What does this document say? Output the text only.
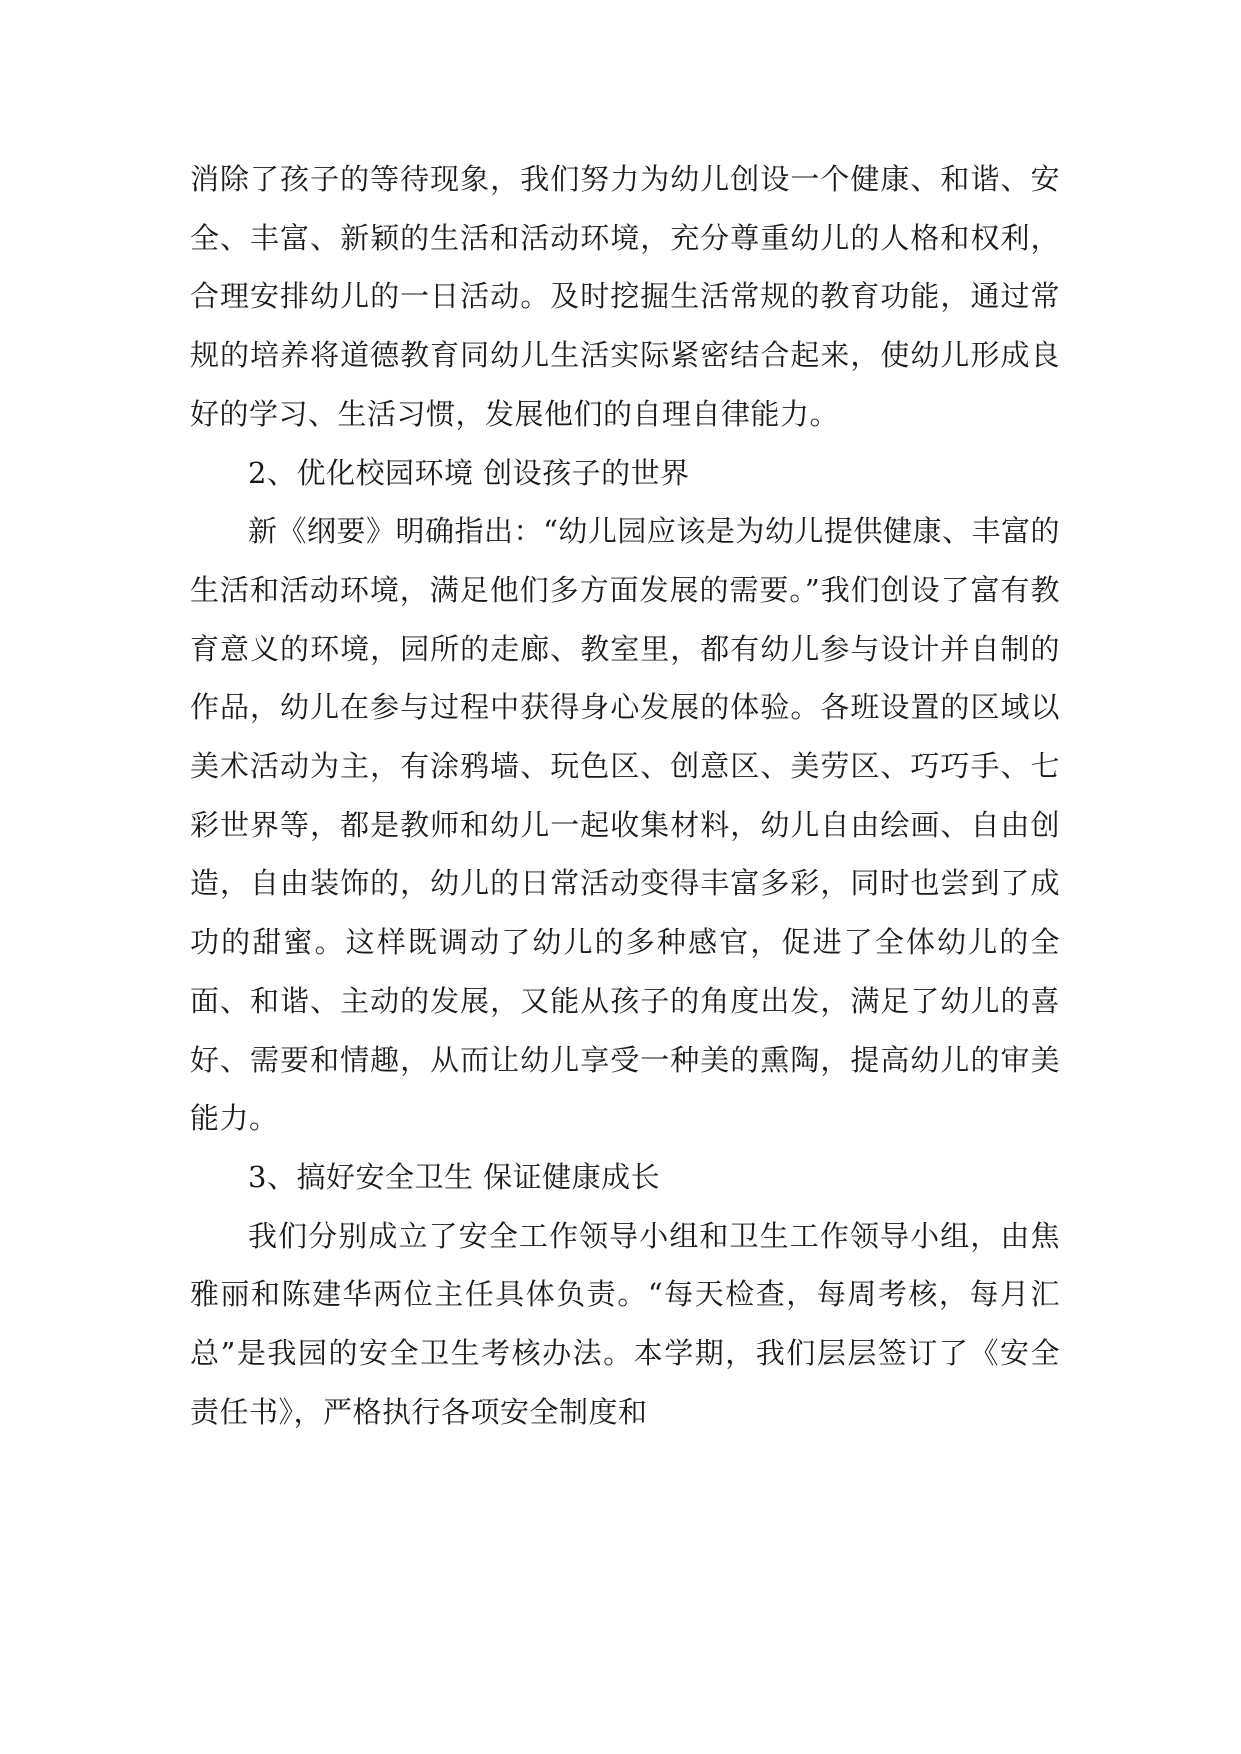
消除了孩子的等待现象，我们努力为幼儿创设一个健康、和谐、安全、丰富、新颖的生活和活动环境，充分尊重幼儿的人格和权利，合理安排幼儿的一日活动。及时挖掘生活常规的教育功能，通过常规的培养将道德教育同幼儿生活实际紧密结合起来，使幼儿形成良好的学习、生活习惯，发展他们的自理自律能力。

2、优化校园环境 创设孩子的世界

新《纲要》明确指出：“幼儿园应该是为幼儿提供健康、丰富的生活和活动环境，满足他们多方面发展的需要。”我们创设了富有教育意义的环境，园所的走廊、教室里，都有幼儿参与设计并自制的作品，幼儿在参与过程中获得身心发展的体验。各班设置的区域以美术活动为主，有涂鸦墙、玩色区、创意区、美劳区、巧巧手、七彩世界等，都是教师和幼儿一起收集材料，幼儿自由绘画、自由创造，自由装饰的，幼儿的日常活动变得丰富多彩，同时也尝到了成功的甜蜜。这样既调动了幼儿的多种感官，促进了全体幼儿的全面、和谐、主动的发展，又能从孩子的角度出发，满足了幼儿的喜好、需要和情趣，从而让幼儿享受一种美的熏陶，提高幼儿的审美能力。

3、搞好安全卫生 保证健康成长

我们分别成立了安全工作领导小组和卫生工作领导小组，由焦雅丽和陈建华两位主任具体负责。“每天检查，每周考核，每月汇总”是我园的安全卫生考核办法。本学期，我们层层签订了《安全责任书》，严格执行各项安全制度和
